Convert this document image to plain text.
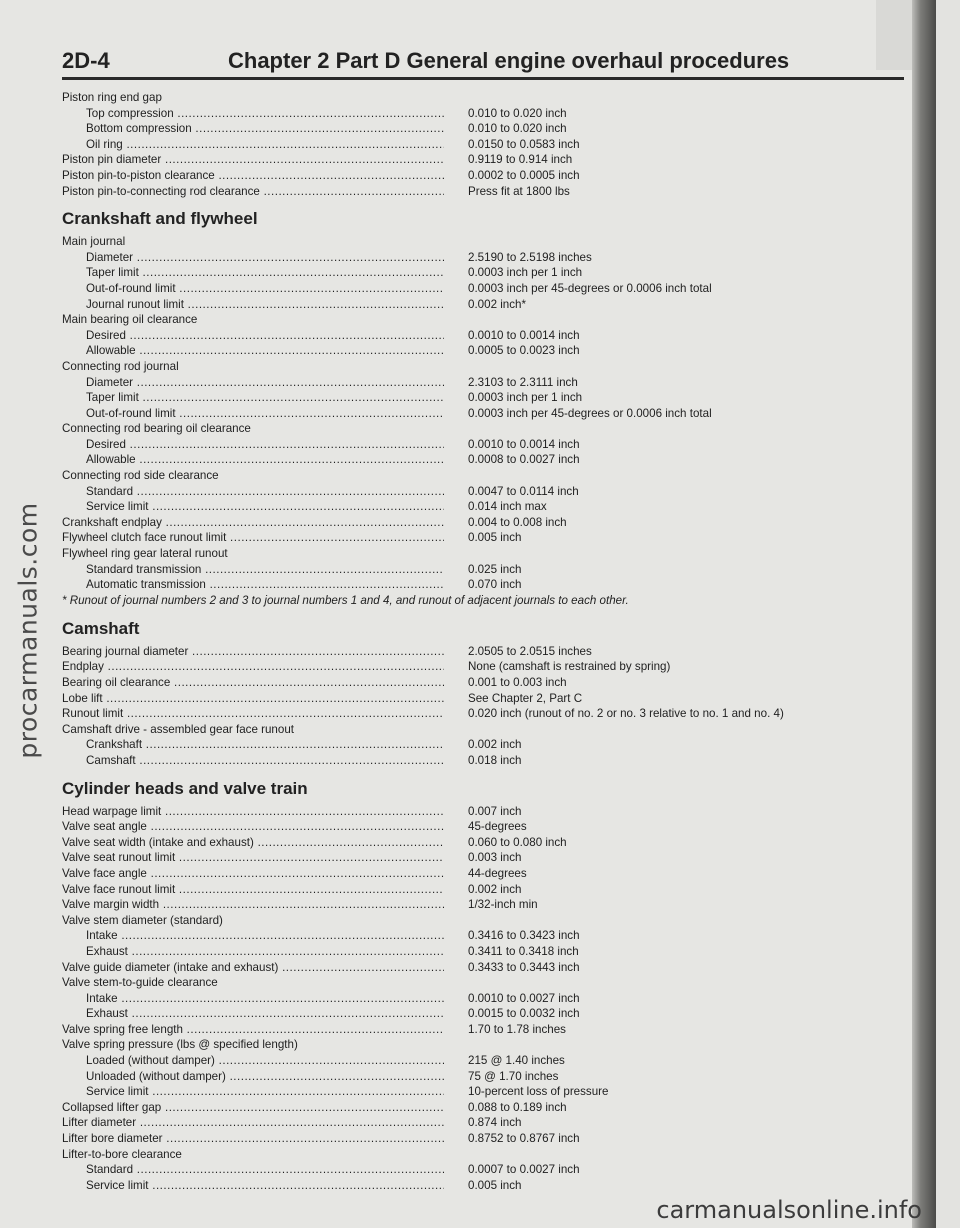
procarmanuals.com
2D-4	Chapter 2 Part D General engine overhaul procedures
Piston ring end gap
Top compression .....	0.010 to 0.020 inch
Bottom compression .....	0.010 to 0.020 inch
Oil ring .....	0.0150 to 0.0583 inch
Piston pin diameter .....	0.9119 to 0.914 inch
Piston pin-to-piston clearance .....	0.0002 to 0.0005 inch
Piston pin-to-connecting rod clearance .....	Press fit at 1800 lbs
Crankshaft and flywheel
Main journal
Diameter .....	2.5190 to 2.5198 inches
Taper limit .....	0.0003 inch per 1 inch
Out-of-round limit .....	0.0003 inch per 45-degrees or 0.0006 inch total
Journal runout limit .....	0.002 inch*
Main bearing oil clearance
Desired .....	0.0010 to 0.0014 inch
Allowable .....	0.0005 to 0.0023 inch
Connecting rod journal
Diameter .....	2.3103 to 2.3111 inch
Taper limit .....	0.0003 inch per 1 inch
Out-of-round limit .....	0.0003 inch per 45-degrees or 0.0006 inch total
Connecting rod bearing oil clearance
Desired .....	0.0010 to 0.0014 inch
Allowable .....	0.0008 to 0.0027 inch
Connecting rod side clearance
Standard .....	0.0047 to 0.0114 inch
Service limit .....	0.014 inch max
Crankshaft endplay .....	0.004 to 0.008 inch
Flywheel clutch face runout limit .....	0.005 inch
Flywheel ring gear lateral runout
Standard transmission .....	0.025 inch
Automatic transmission .....	0.070 inch
* Runout of journal numbers 2 and 3 to journal numbers 1 and 4, and runout of adjacent journals to each other.
Camshaft
Bearing journal diameter .....	2.0505 to 2.0515 inches
Endplay .....	None (camshaft is restrained by spring)
Bearing oil clearance .....	0.001 to 0.003 inch
Lobe lift .....	See Chapter 2, Part C
Runout limit .....	0.020 inch (runout of no. 2 or no. 3 relative to no. 1 and no. 4)
Camshaft drive - assembled gear face runout
Crankshaft .....	0.002 inch
Camshaft .....	0.018 inch
Cylinder heads and valve train
Head warpage limit .....	0.007 inch
Valve seat angle .....	45-degrees
Valve seat width (intake and exhaust) .....	0.060 to 0.080 inch
Valve seat runout limit .....	0.003 inch
Valve face angle .....	44-degrees
Valve face runout limit .....	0.002 inch
Valve margin width .....	1/32-inch min
Valve stem diameter (standard)
Intake .....	0.3416 to 0.3423 inch
Exhaust .....	0.3411 to 0.3418 inch
Valve guide diameter (intake and exhaust) .....	0.3433 to 0.3443 inch
Valve stem-to-guide clearance
Intake .....	0.0010 to 0.0027 inch
Exhaust .....	0.0015 to 0.0032 inch
Valve spring free length .....	1.70 to 1.78 inches
Valve spring pressure (lbs @ specified length)
Loaded (without damper) .....	215 @ 1.40 inches
Unloaded (without damper) .....	75 @ 1.70 inches
Service limit .....	10-percent loss of pressure
Collapsed lifter gap .....	0.088 to 0.189 inch
Lifter diameter .....	0.874 inch
Lifter bore diameter .....	0.8752 to 0.8767 inch
Lifter-to-bore clearance
Standard .....	0.0007 to 0.0027 inch
Service limit .....	0.005 inch
carmanualsonline.info
